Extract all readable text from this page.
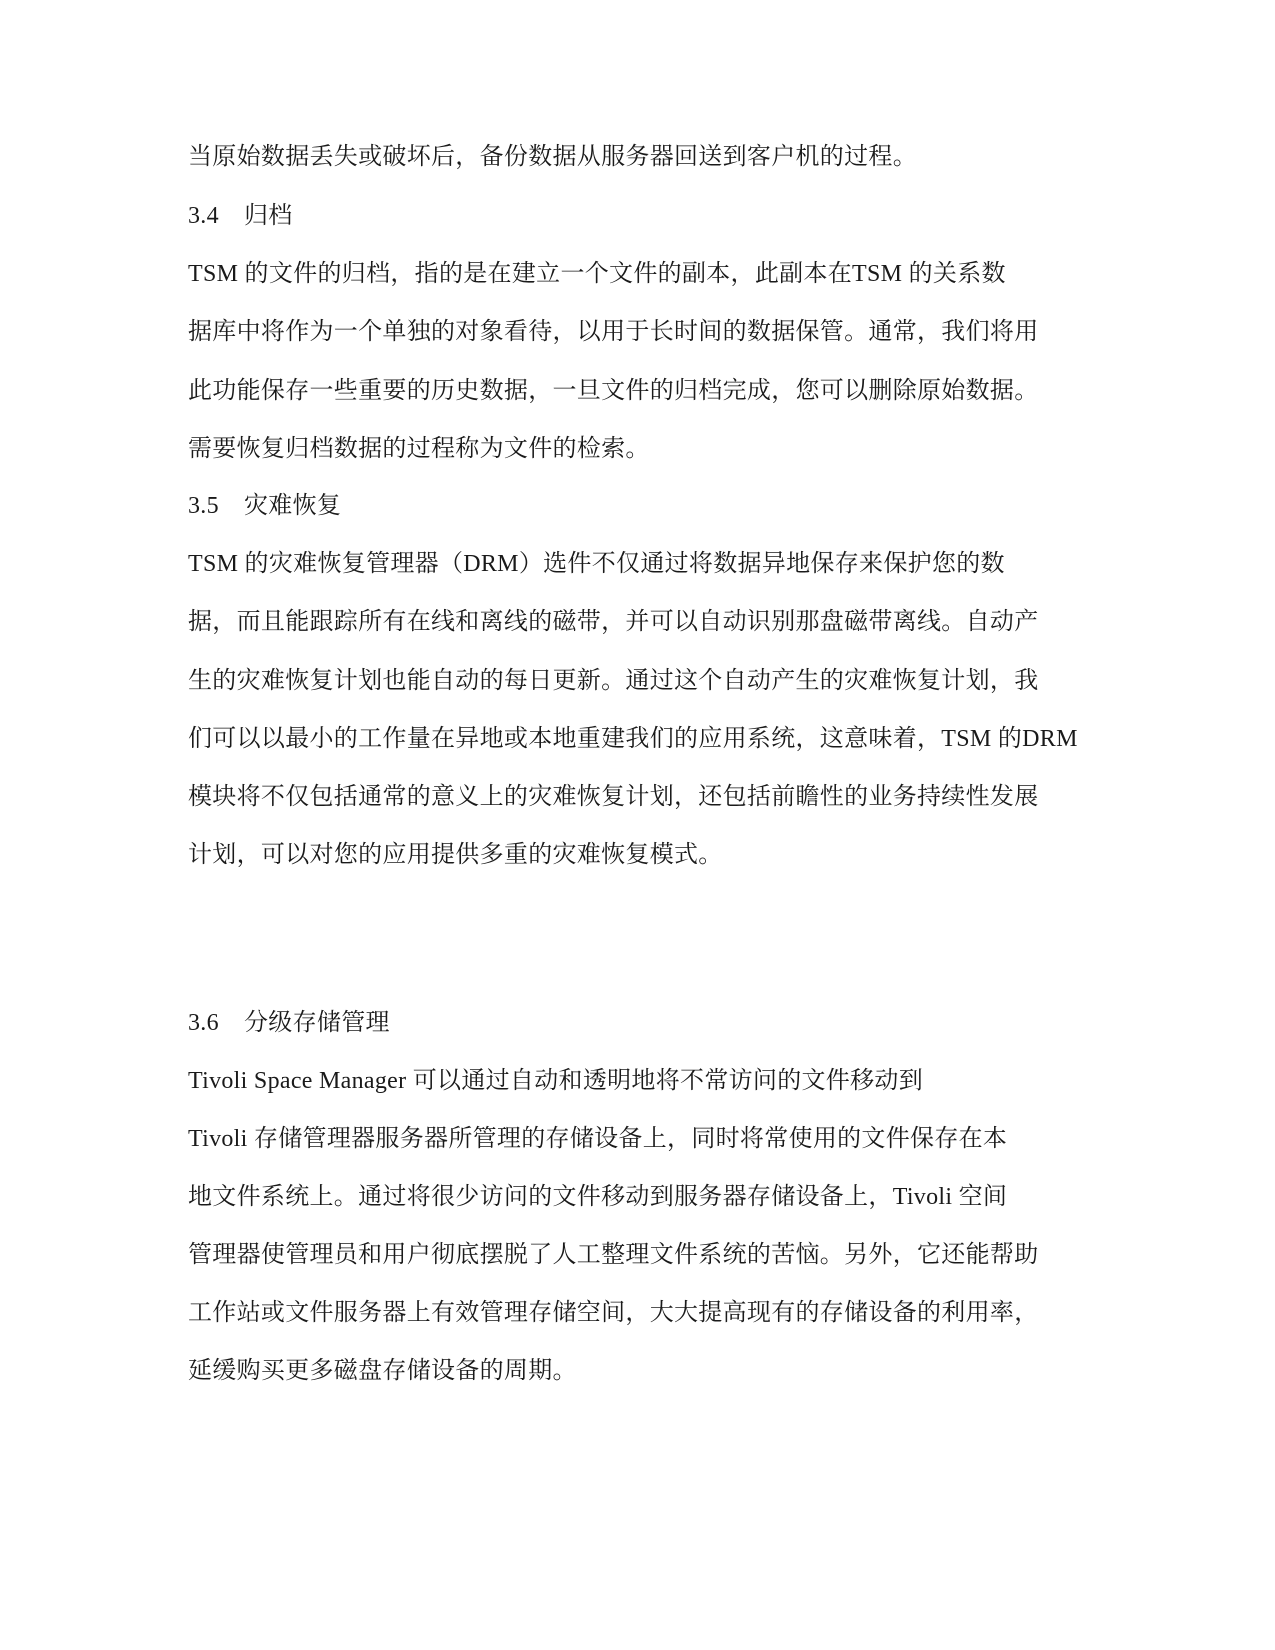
当原始数据丢失或破坏后，备份数据从服务器回送到客户机的过程。
3.4 归档
TSM 的文件的归档，指的是在建立一个文件的副本，此副本在TSM 的关系数
据库中将作为一个单独的对象看待，以用于长时间的数据保管。通常，我们将用
此功能保存一些重要的历史数据，一旦文件的归档完成，您可以删除原始数据。
需要恢复归档数据的过程称为文件的检索。
3.5 灾难恢复
TSM 的灾难恢复管理器（DRM）选件不仅通过将数据异地保存来保护您的数
据，而且能跟踪所有在线和离线的磁带，并可以自动识别那盘磁带离线。自动产
生的灾难恢复计划也能自动的每日更新。通过这个自动产生的灾难恢复计划，我
们可以以最小的工作量在异地或本地重建我们的应用系统，这意味着，TSM 的DRM
模块将不仅包括通常的意义上的灾难恢复计划，还包括前瞻性的业务持续性发展
计划，可以对您的应用提供多重的灾难恢复模式。
3.6 分级存储管理
Tivoli Space Manager 可以通过自动和透明地将不常访问的文件移动到
Tivoli 存储管理器服务器所管理的存储设备上，同时将常使用的文件保存在本
地文件系统上。通过将很少访问的文件移动到服务器存储设备上，Tivoli 空间
管理器使管理员和用户彻底摆脱了人工整理文件系统的苦恼。另外，它还能帮助
工作站或文件服务器上有效管理存储空间，大大提高现有的存储设备的利用率，
延缓购买更多磁盘存储设备的周期。
